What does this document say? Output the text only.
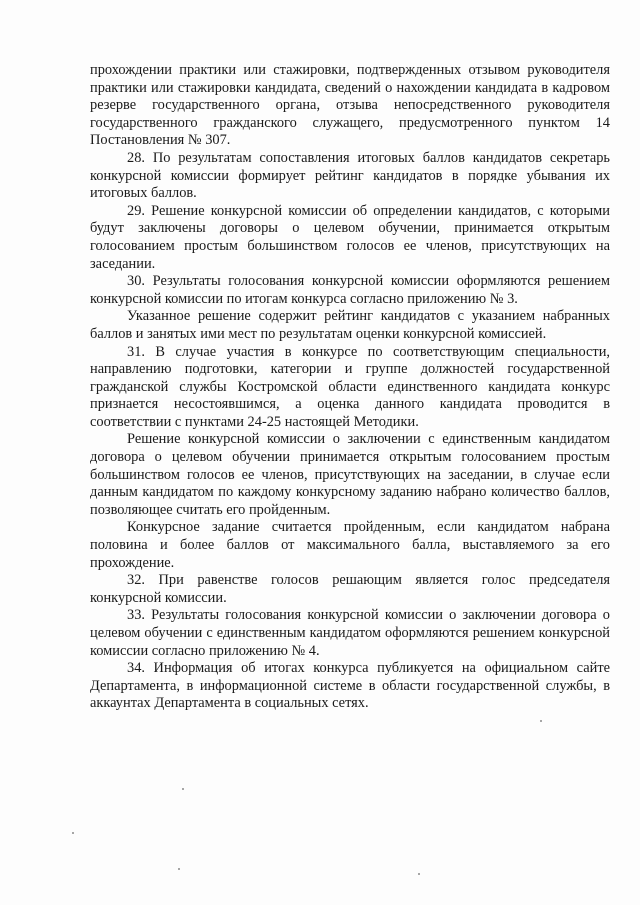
прохождении практики или стажировки, подтвержденных отзывом руководителя практики или стажировки кандидата, сведений о нахождении кандидата в кадровом резерве государственного органа, отзыва непосредственного руководителя государственного гражданского служащего, предусмотренного пунктом 14 Постановления № 307.

28. По результатам сопоставления итоговых баллов кандидатов секретарь конкурсной комиссии формирует рейтинг кандидатов в порядке убывания их итоговых баллов.

29. Решение конкурсной комиссии об определении кандидатов, с которыми будут заключены договоры о целевом обучении, принимается открытым голосованием простым большинством голосов ее членов, присутствующих на заседании.

30. Результаты голосования конкурсной комиссии оформляются решением конкурсной комиссии по итогам конкурса согласно приложению № 3.

Указанное решение содержит рейтинг кандидатов с указанием набранных баллов и занятых ими мест по результатам оценки конкурсной комиссией.

31. В случае участия в конкурсе по соответствующим специальности, направлению подготовки, категории и группе должностей государственной гражданской службы Костромской области единственного кандидата конкурс признается несостоявшимся, а оценка данного кандидата проводится в соответствии с пунктами 24-25 настоящей Методики.

Решение конкурсной комиссии о заключении с единственным кандидатом договора о целевом обучении принимается открытым голосованием простым большинством голосов ее членов, присутствующих на заседании, в случае если данным кандидатом по каждому конкурсному заданию набрано количество баллов, позволяющее считать его пройденным.

Конкурсное задание считается пройденным, если кандидатом набрана половина и более баллов от максимального балла, выставляемого за его прохождение.

32. При равенстве голосов решающим является голос председателя конкурсной комиссии.

33. Результаты голосования конкурсной комиссии о заключении договора о целевом обучении с единственным кандидатом оформляются решением конкурсной комиссии согласно приложению № 4.

34. Информация об итогах конкурса публикуется на официальном сайте Департамента, в информационной системе в области государственной службы, в аккаунтах Департамента в социальных сетях.
